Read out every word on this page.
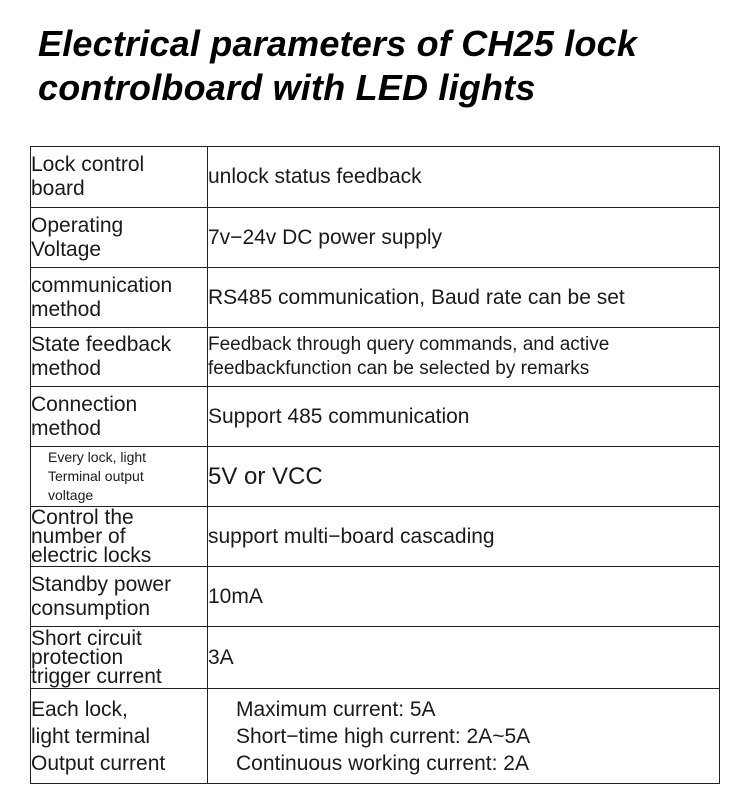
Electrical parameters of CH25 lock
controlboard with LED lights
Lock control
board	unlock status feedback

Operating
Voltage	7v−24v DC power supply

communication
method	RS485 communication, Baud rate can be set

State feedback
method	Feedback through query commands, and active
feedbackfunction can be selected by remarks

Connection
method	Support 485 communication

Every lock, light
Terminal output
voltage	5V or VCC

Control the
number of
electric locks	support multi−board cascading

Standby power
consumption	10mA

Short circuit
protection
trigger current	3A

Each lock,
light terminal
Output current	Maximum current: 5A
Short−time high current: 2A~5A
Continuous working current: 2A
